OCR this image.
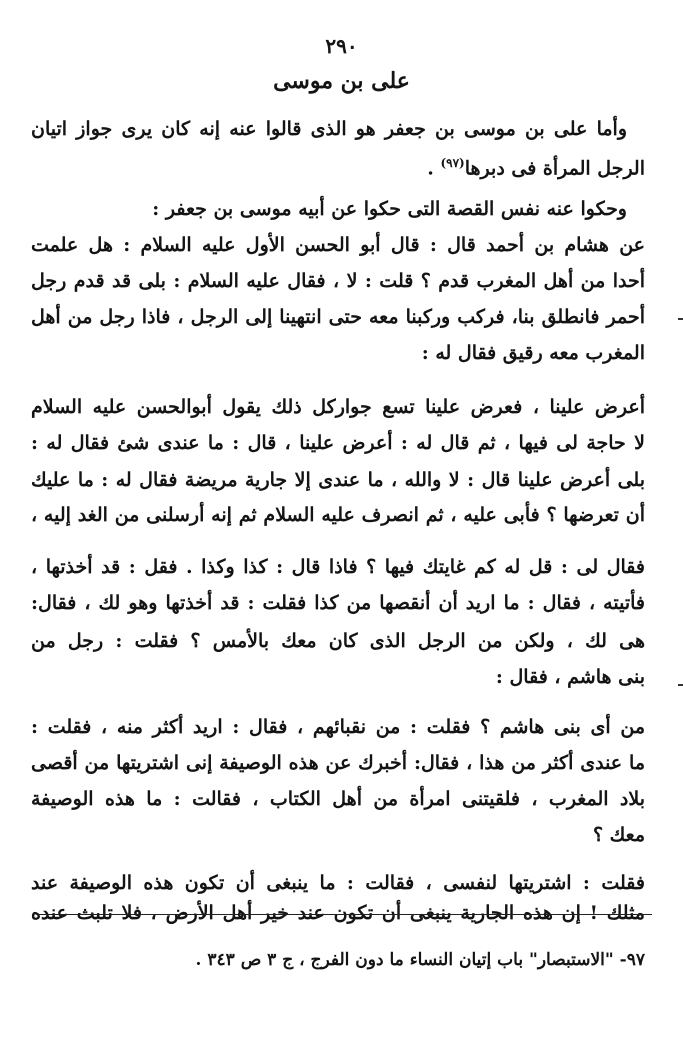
٢٩٠
على بن موسى
وأما على بن موسى بن جعفر هو الذى قالوا عنه إنه كان يرى جواز اتيان
الرجل المرأة فى دبرها$^{(٩٧)}$ .
وحكوا عنه نفس القصة التى حكوا عن أبيه موسى بن جعفر :
عن هشام بن أحمد قال : قال أبو الحسن الأول عليه السلام : هل علمت
أحدا من أهل المغرب قدم ؟ قلت : لا ، فقال عليه السلام : بلى قد قدم رجل
أحمر فانطلق بنا، فركب وركبنا معه حتى انتهينا إلى الرجل ، فاذا رجل من أهل
المغرب معه رقيق فقال له :
أعرض علينا ، فعرض علينا تسع جواركل ذلك يقول أبوالحسن عليه السلام
لا حاجة لى فيها ، ثم قال له : أعرض علينا ، قال : ما عندى شئ فقال له :
بلى أعرض علينا قال : لا والله ، ما عندى إلا جارية مريضة فقال له : ما عليك
أن تعرضها ؟ فأبى عليه ، ثم انصرف عليه السلام ثم إنه أرسلنى من الغد إليه ،
فقال لى : قل له كم غايتك فيها ؟ فاذا قال : كذا وكذا . فقل : قد أخذتها ،
فأتيته ، فقال : ما اريد أن أنقصها من كذا فقلت : قد أخذتها وهو لك ، فقال:
هى لك ، ولكن من الرجل الذى كان معك بالأمس ؟ فقلت : رجل من
بنى هاشم ، فقال :
من أى بنى هاشم ؟ فقلت : من نقبائهم ، فقال : اريد أكثر منه ، فقلت :
ما عندى أكثر من هذا ، فقال: أخبرك عن هذه الوصيفة إنى اشتريتها من أقصى
بلاد المغرب ، فلقيتنى امرأة من أهل الكتاب ، فقالت : ما هذه الوصيفة
معك ؟
فقلت : اشتريتها لنفسى ، فقالت : ما ينبغى أن تكون هذه الوصيفة عند
مثلك ! إن هذه الجارية ينبغى أن تكون عند خير أهل الأرض ، فلا تلبث عنده
٩٧- "الاستبصار" باب إتيان النساء ما دون الفرج ، ج ٣ ص ٣٤٣ .
